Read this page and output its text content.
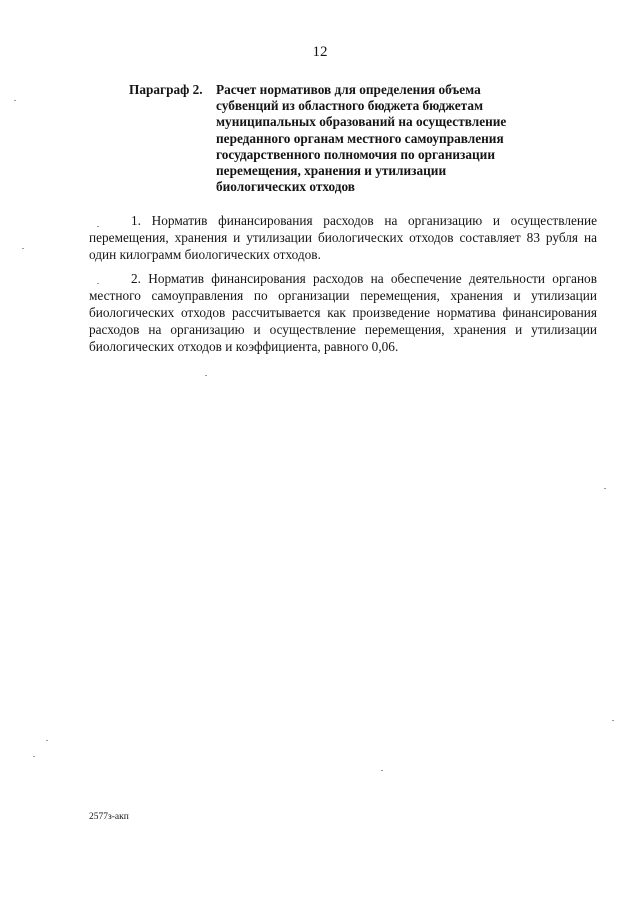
12
Параграф 2. Расчет нормативов для определения объема
субвенций из областного бюджета бюджетам
муниципальных образований на осуществление
переданного органам местного самоуправления
государственного полномочия по организации
перемещения, хранения и утилизации
биологических отходов

1. Норматив финансирования расходов на организацию и осуществление перемещения, хранения и утилизации биологических отходов составляет 83 рубля на один килограмм биологических отходов.

2. Норматив финансирования расходов на обеспечение деятельности органов местного самоуправления по организации перемещения, хранения и утилизации биологических отходов рассчитывается как произведение норматива финансирования расходов на организацию и осуществление перемещения, хранения и утилизации биологических отходов и коэффициента, равного 0,06.

2577з-акп
